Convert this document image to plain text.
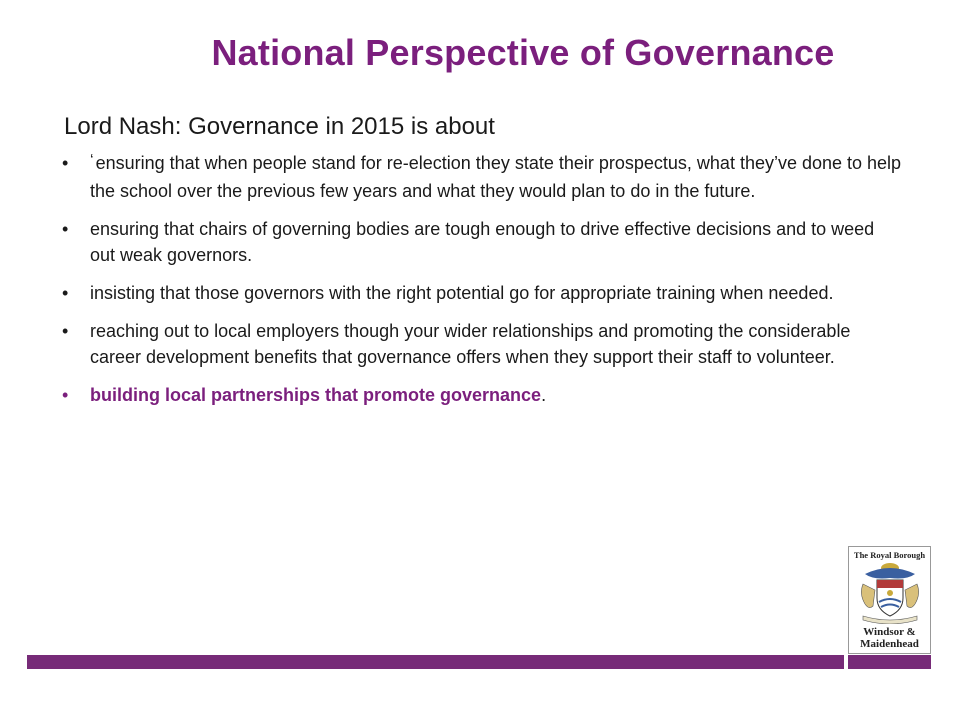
National Perspective of Governance
Lord Nash: Governance in 2015 is about
• ‘ ensuring that when people stand for re-election they state their prospectus, what they’ve done to help the school over the previous few years and what they would plan to do in the future.
• ensuring that chairs of governing bodies are tough enough to drive effective decisions and to weed out weak governors.
• insisting that those governors with the right potential go for appropriate training when needed.
• reaching out to local employers though your wider relationships and promoting the considerable career development benefits that governance offers when they support their staff to volunteer.
• building local partnerships that promote governance.
The Royal Borough
Windsor &
Maidenhead
